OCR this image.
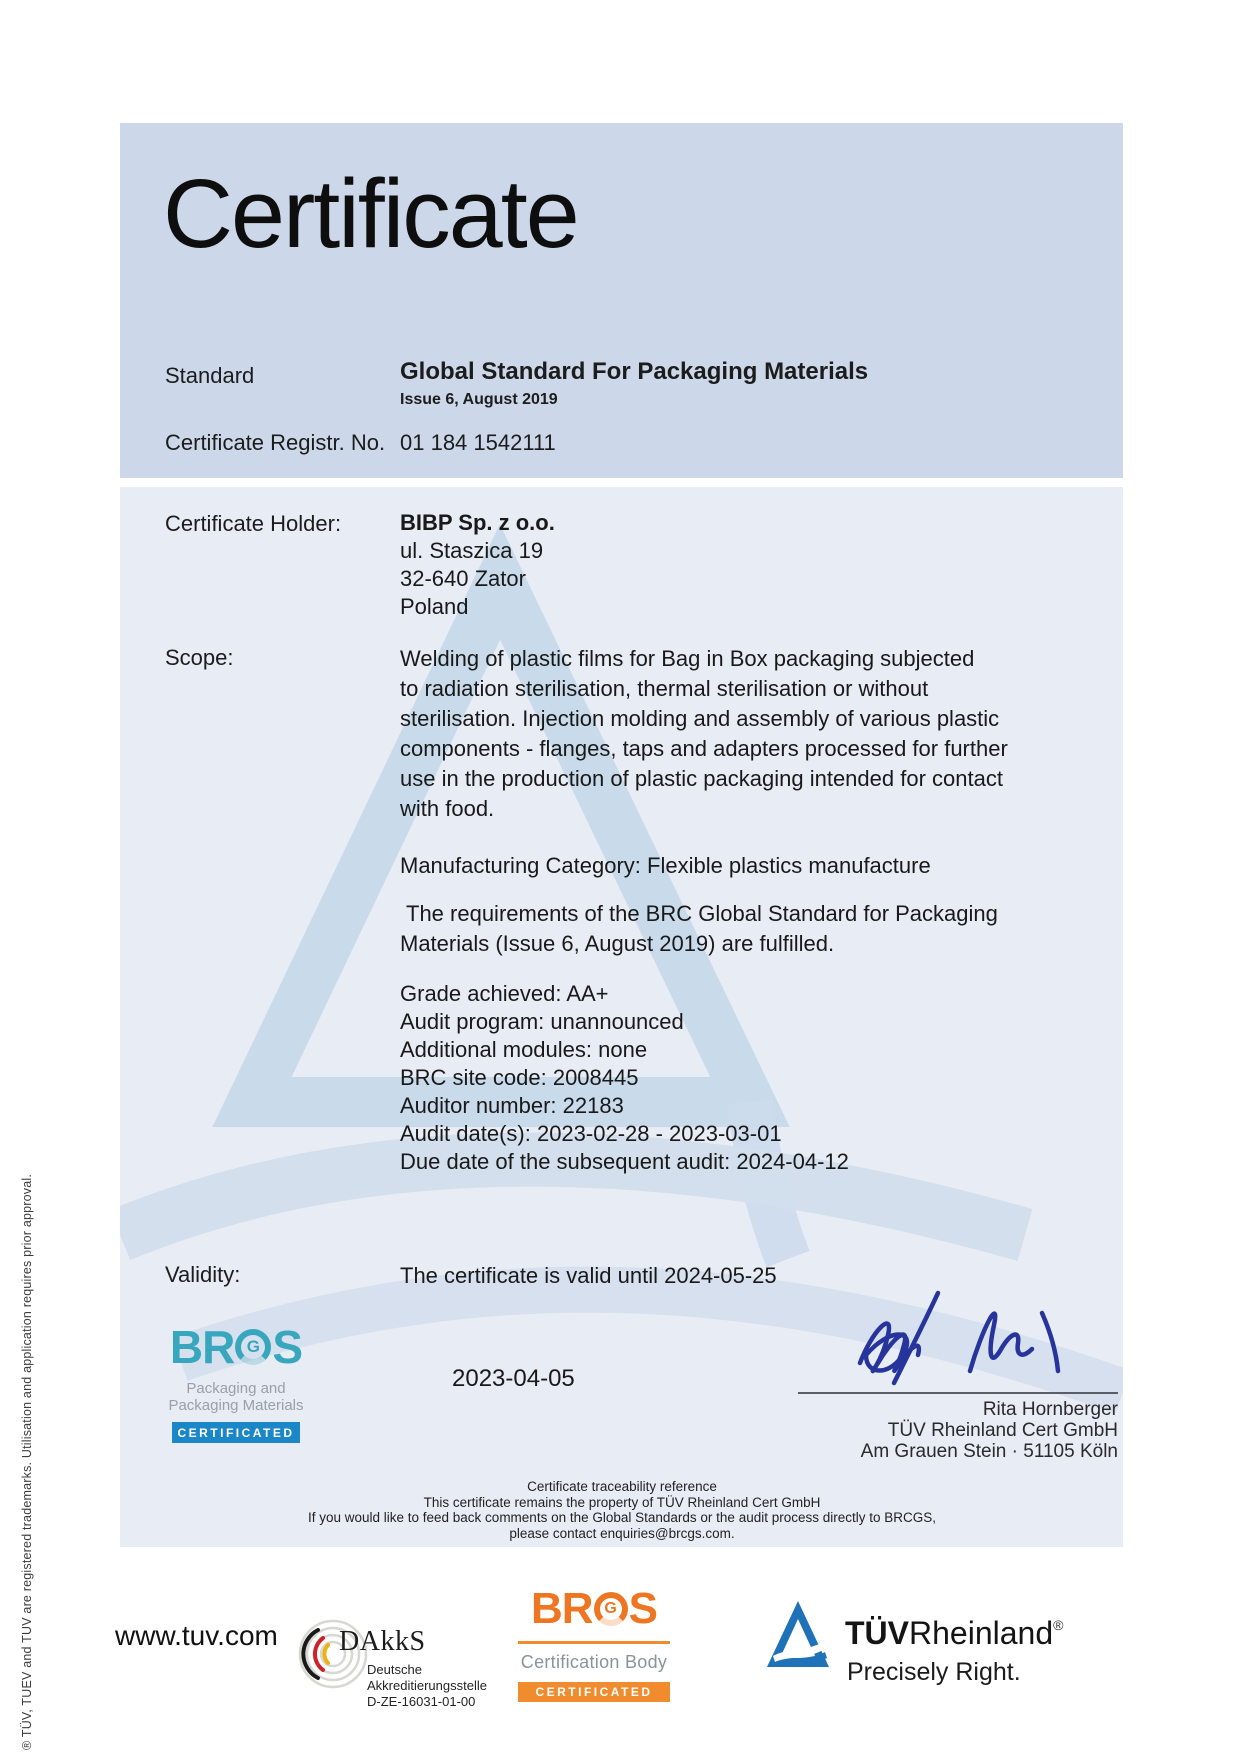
® TÜV, TUEV and TUV are registered trademarks. Utilisation and application requires prior approval.
Certificate
Standard	Global Standard For Packaging Materials
Issue 6, August 2019
Certificate Registr. No. 01 184 1542111
Certificate Holder:	BIBP Sp. z o.o.
ul. Staszica 19
32-640 Zator
Poland
Scope:	Welding of plastic films for Bag in Box packaging subjected
to radiation sterilisation, thermal sterilisation or without
sterilisation. Injection molding and assembly of various plastic
components - flanges, taps and adapters processed for further
use in the production of plastic packaging intended for contact
with food.
Manufacturing Category: Flexible plastics manufacture
The requirements of the BRC Global Standard for Packaging
Materials (Issue 6, August 2019) are fulfilled.
Grade achieved: AA+
Audit program: unannounced
Additional modules: none
BRC site code: 2008445
Auditor number: 22183
Audit date(s): 2023-02-28 - 2023-03-01
Due date of the subsequent audit: 2024-04-12
Validity:	The certificate is valid until 2024-05-25
BR G S
Packaging and
Packaging Materials
CERTIFICATED
2023-04-05
Rita Hornberger
TÜV Rheinland Cert GmbH
Am Grauen Stein · 51105 Köln
Certificate traceability reference
This certificate remains the property of TÜV Rheinland Cert GmbH
If you would like to feed back comments on the Global Standards or the audit process directly to BRCGS,
please contact enquiries@brcgs.com.
www.tuv.com DAkkS
Deutsche
Akkreditierungsstelle
D-ZE-16031-01-00
BR G S
Certification Body
CERTIFICATED
TÜVRheinland®
Precisely Right.
